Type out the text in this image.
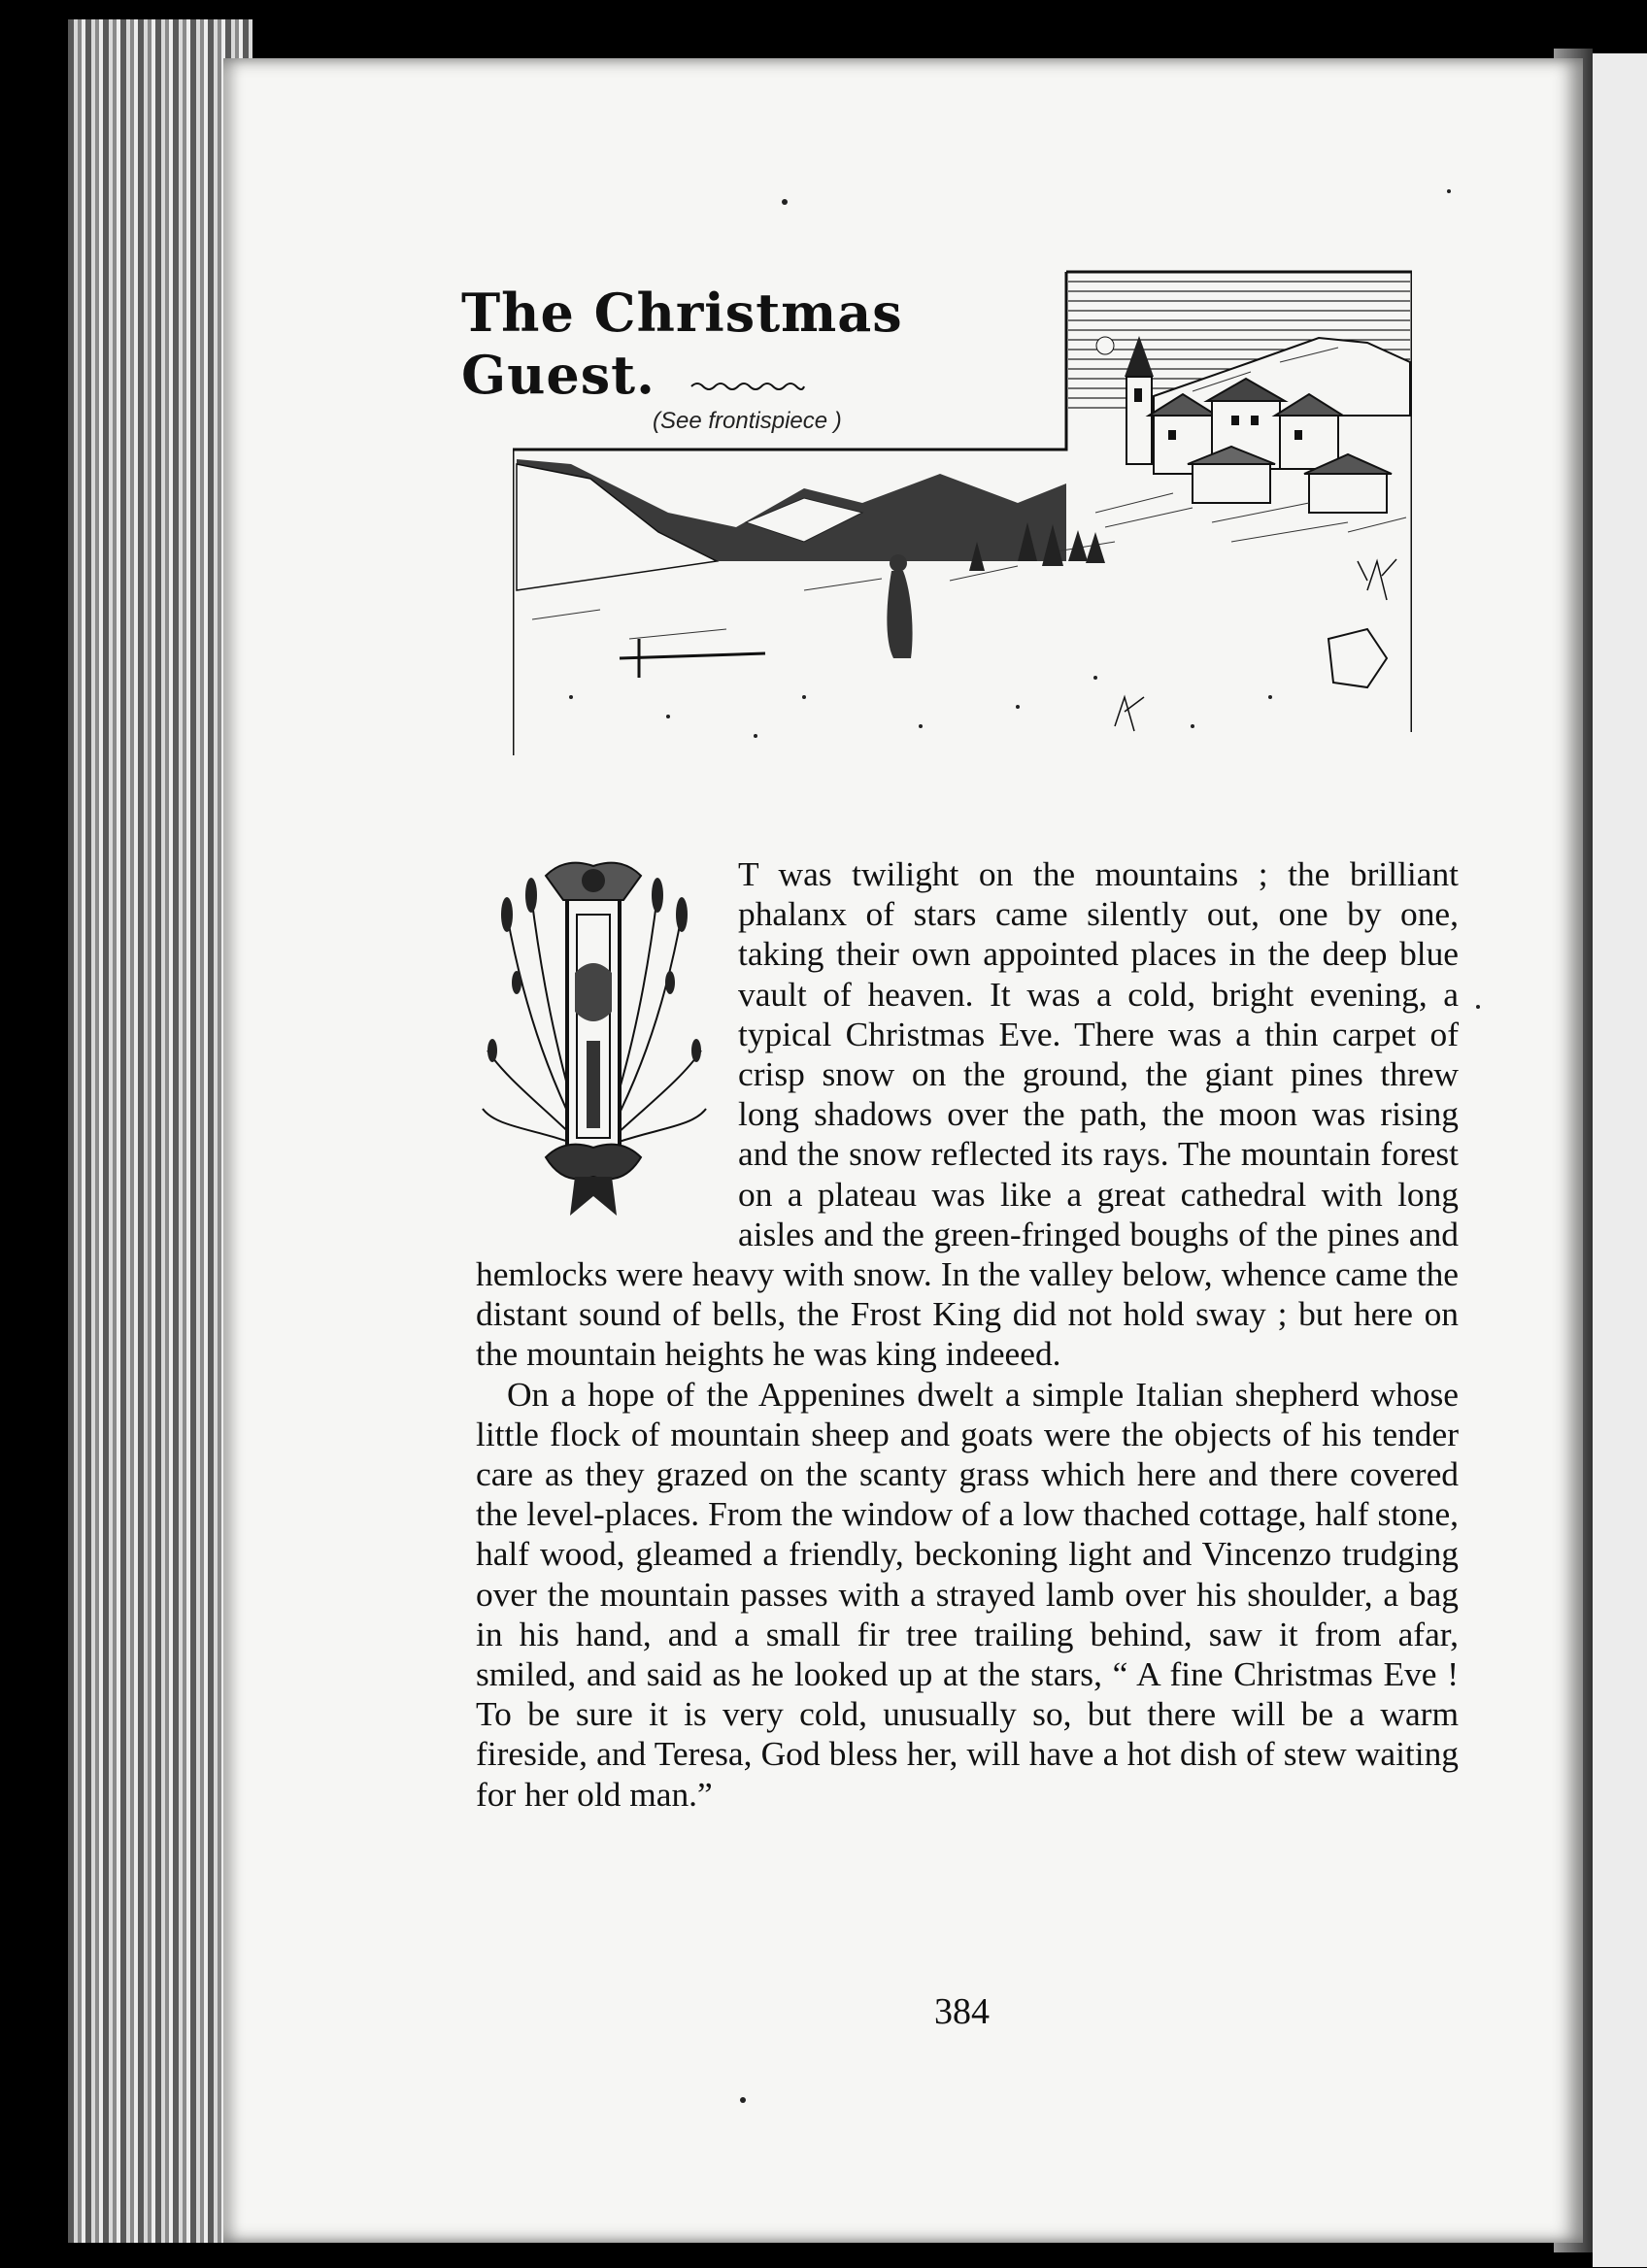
The Christmas Guest.
(See frontispiece )

T was twilight on the mountains ; the brilliant phalanx of stars came silently out, one by one, taking their own appointed places in the deep blue vault of heaven. It was a cold, bright evening, a typical Christmas Eve. There was a thin carpet of crisp snow on the ground, the giant pines threw long shadows over the path, the moon was rising and the snow reflected its rays. The mountain forest on a plateau was like a great cathedral with long aisles and the green-fringed boughs of the pines and hemlocks were heavy with snow. In the valley below, whence came the distant sound of bells, the Frost King did not hold sway ; but here on the mountain heights he was king indeeed.

On a hope of the Appenines dwelt a simple Italian shepherd whose little flock of mountain sheep and goats were the objects of his tender care as they grazed on the scanty grass which here and there covered the level-places. From the window of a low thached cottage, half stone, half wood, gleamed a friendly, beckoning light and Vincenzo trudging over the mountain passes with a strayed lamb over his shoulder, a bag in his hand, and a small fir tree trailing behind, saw it from afar, smiled, and said as he looked up at the stars, “ A fine Christmas Eve ! To be sure it is very cold, unusually so, but there will be a warm fireside, and Teresa, God bless her, will have a hot dish of stew waiting for her old man.”

384
